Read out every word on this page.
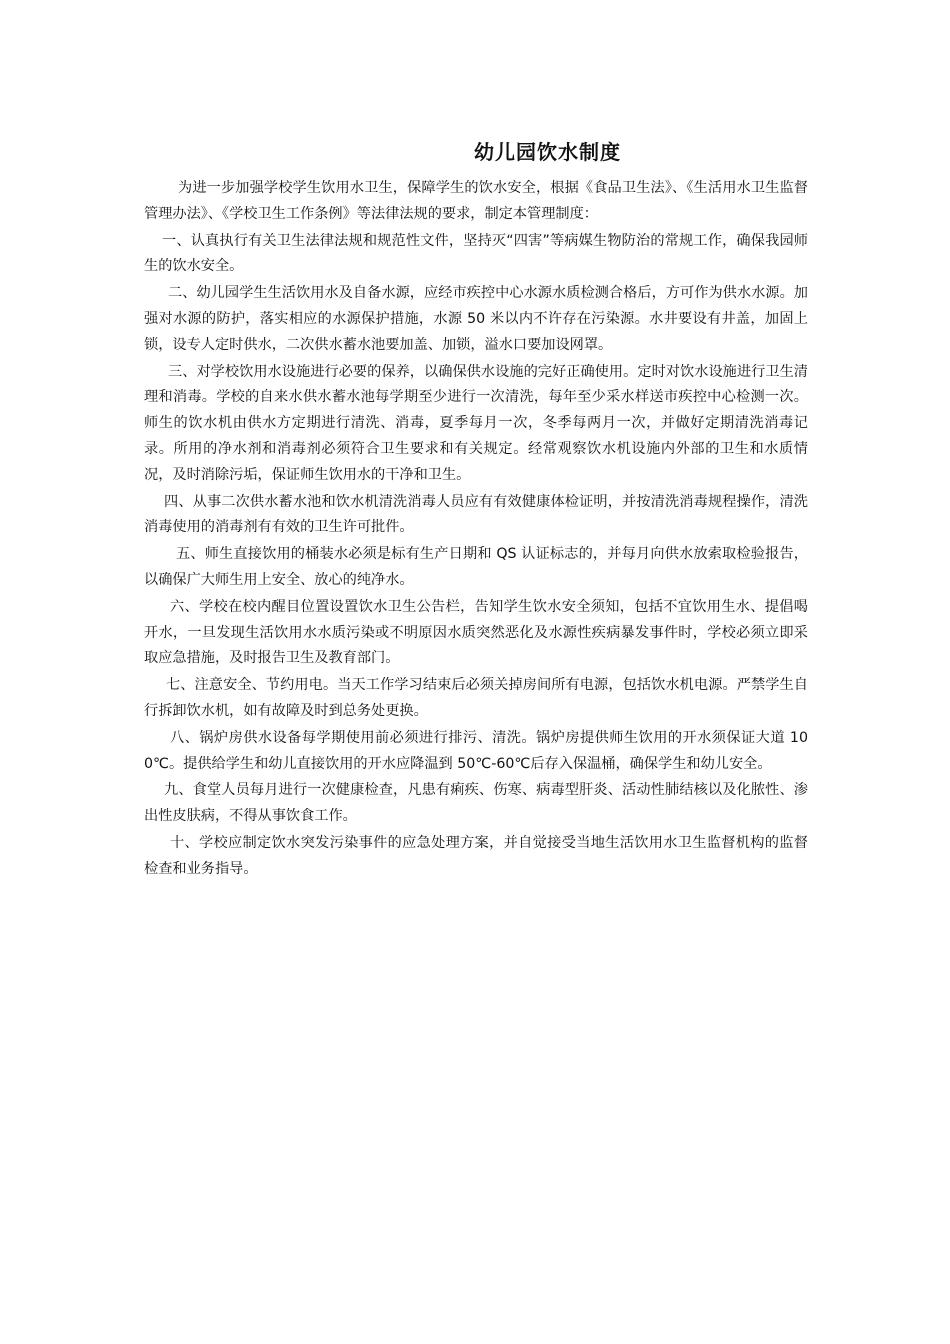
幼儿园饮水制度

为进一步加强学校学生饮用水卫生，保障学生的饮水安全，根据《食品卫生法》、《生活用水卫生监督管理办法》、《学校卫生工作条例》等法律法规的要求，制定本管理制度：

一、认真执行有关卫生法律法规和规范性文件，坚持灭“四害”等病媒生物防治的常规工作，确保我园师生的饮水安全。

二、幼儿园学生生活饮用水及自备水源，应经市疾控中心水源水质检测合格后，方可作为供水水源。加强对水源的防护，落实相应的水源保护措施，水源 50 米以内不许存在污染源。水井要设有井盖，加固上锁，设专人定时供水，二次供水蓄水池要加盖、加锁，溢水口要加设网罩。

三、对学校饮用水设施进行必要的保养，以确保供水设施的完好正确使用。定时对饮水设施进行卫生清理和消毒。学校的自来水供水蓄水池每学期至少进行一次清洗，每年至少采水样送市疾控中心检测一次。师生的饮水机由供水方定期进行清洗、消毒，夏季每月一次，冬季每两月一次，并做好定期清洗消毒记录。所用的净水剂和消毒剂必须符合卫生要求和有关规定。经常观察饮水机设施内外部的卫生和水质情况，及时消除污垢，保证师生饮用水的干净和卫生。

四、从事二次供水蓄水池和饮水机清洗消毒人员应有有效健康体检证明，并按清洗消毒规程操作，清洗消毒使用的消毒剂有有效的卫生许可批件。

五、师生直接饮用的桶装水必须是标有生产日期和 QS 认证标志的，并每月向供水放索取检验报告，以确保广大师生用上安全、放心的纯净水。

六、学校在校内醒目位置设置饮水卫生公告栏，告知学生饮水安全须知，包括不宜饮用生水、提倡喝开水，一旦发现生活饮用水水质污染或不明原因水质突然恶化及水源性疾病暴发事件时，学校必须立即采取应急措施，及时报告卫生及教育部门。

七、注意安全、节约用电。当天工作学习结束后必须关掉房间所有电源，包括饮水机电源。严禁学生自行拆卸饮水机，如有故障及时到总务处更换。

八、锅炉房供水设备每学期使用前必须进行排污、清洗。锅炉房提供师生饮用的开水须保证大道 100℃。提供给学生和幼儿直接饮用的开水应降温到 50℃-60℃后存入保温桶，确保学生和幼儿安全。

九、食堂人员每月进行一次健康检查，凡患有痢疾、伤寒、病毒型肝炎、活动性肺结核以及化脓性、渗出性皮肤病，不得从事饮食工作。

十、学校应制定饮水突发污染事件的应急处理方案，并自觉接受当地生活饮用水卫生监督机构的监督检查和业务指导。
